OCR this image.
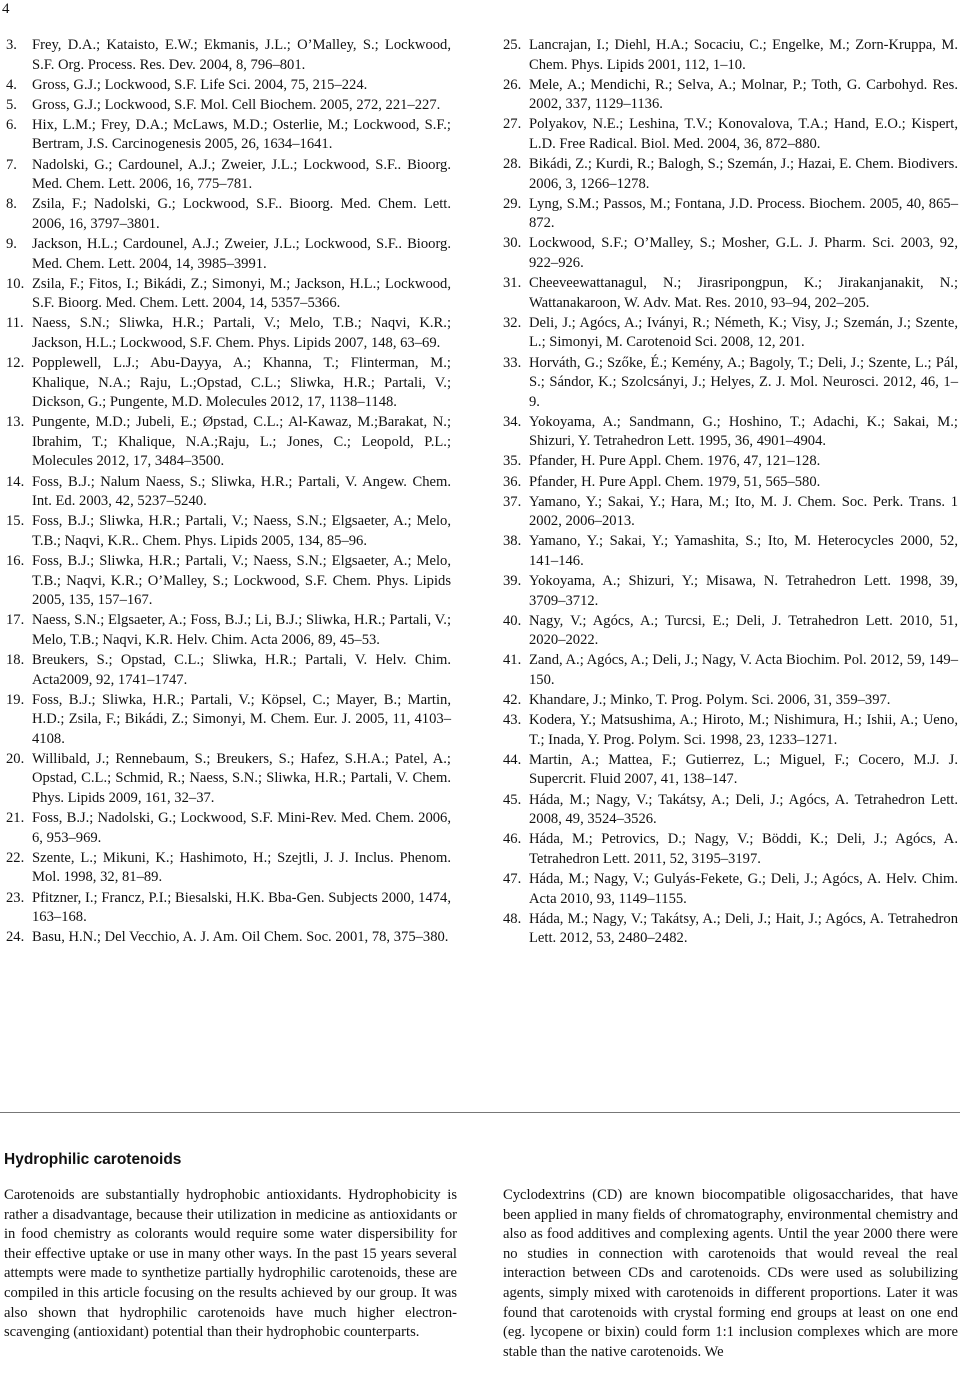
4
3.	Frey, D.A.; Kataisto, E.W.; Ekmanis, J.L.; O’Malley, S.; Lockwood, S.F. Org. Process. Res. Dev. 2004, 8, 796–801.
4.	Gross, G.J.; Lockwood, S.F. Life Sci. 2004, 75, 215–224.
5.	Gross, G.J.; Lockwood, S.F. Mol. Cell Biochem. 2005, 272, 221–227.
6.	Hix, L.M.; Frey, D.A.; McLaws, M.D.; Osterlie, M.; Lockwood, S.F.; Bertram, J.S. Carcinogenesis 2005, 26, 1634–1641.
7.	Nadolski, G.; Cardounel, A.J.; Zweier, J.L.; Lockwood, S.F.. Bioorg. Med. Chem. Lett. 2006, 16, 775–781.
8.	Zsila, F.; Nadolski, G.; Lockwood, S.F.. Bioorg. Med. Chem. Lett. 2006, 16, 3797–3801.
9.	Jackson, H.L.; Cardounel, A.J.; Zweier, J.L.; Lockwood, S.F.. Bioorg. Med. Chem. Lett. 2004, 14, 3985–3991.
10. Zsila, F.; Fitos, I.; Bikádi, Z.; Simonyi, M.; Jackson, H.L.; Lockwood, S.F. Bioorg. Med. Chem. Lett. 2004, 14, 5357–5366.
11. Naess, S.N.; Sliwka, H.R.; Partali, V.; Melo, T.B.; Naqvi, K.R.; Jackson, H.L.; Lockwood, S.F. Chem. Phys. Lipids 2007, 148, 63–69.
12. Popplewell, L.J.; Abu-Dayya, A.; Khanna, T.; Flinterman, M.; Khalique, N.A.; Raju, L.;Opstad, C.L.; Sliwka, H.R.; Partali, V.; Dickson, G.; Pungente, M.D. Molecules 2012, 17, 1138–1148.
13. Pungente, M.D.; Jubeli, E.; Øpstad, C.L.; Al-Kawaz, M.;Barakat, N.; Ibrahim, T.; Khalique, N.A.;Raju, L.; Jones, C.; Leopold, P.L.; Molecules 2012, 17, 3484–3500.
14. Foss, B.J.; Nalum Naess, S.; Sliwka, H.R.; Partali, V. Angew. Chem. Int. Ed. 2003, 42, 5237–5240.
15. Foss, B.J.; Sliwka, H.R.; Partali, V.; Naess, S.N.; Elgsaeter, A.; Melo, T.B.; Naqvi, K.R.. Chem. Phys. Lipids 2005, 134, 85–96.
16. Foss, B.J.; Sliwka, H.R.; Partali, V.; Naess, S.N.; Elgsaeter, A.; Melo, T.B.; Naqvi, K.R.; O’Malley, S.; Lockwood, S.F. Chem. Phys. Lipids 2005, 135, 157–167.
17. Naess, S.N.; Elgsaeter, A.; Foss, B.J.; Li, B.J.; Sliwka, H.R.; Partali, V.; Melo, T.B.; Naqvi, K.R. Helv. Chim. Acta 2006, 89, 45–53.
18. Breukers, S.; Opstad, C.L.; Sliwka, H.R.; Partali, V. Helv. Chim. Acta2009, 92, 1741–1747.
19. Foss, B.J.; Sliwka, H.R.; Partali, V.; Köpsel, C.; Mayer, B.; Martin, H.D.; Zsila, F.; Bikádi, Z.; Simonyi, M. Chem. Eur. J. 2005, 11, 4103–4108.
20. Willibald, J.; Rennebaum, S.; Breukers, S.; Hafez, S.H.A.; Patel, A.; Opstad, C.L.; Schmid, R.; Naess, S.N.; Sliwka, H.R.; Partali, V. Chem. Phys. Lipids 2009, 161, 32–37.
21. Foss, B.J.; Nadolski, G.; Lockwood, S.F. Mini-Rev. Med. Chem. 2006, 6, 953–969.
22. Szente, L.; Mikuni, K.; Hashimoto, H.; Szejtli, J. J. Inclus. Phenom. Mol. 1998, 32, 81–89.
23. Pfitzner, I.; Francz, P.I.; Biesalski, H.K. Bba-Gen. Subjects 2000, 1474, 163–168.
24. Basu, H.N.; Del Vecchio, A. J. Am. Oil Chem. Soc. 2001, 78, 375–380.
25. Lancrajan, I.; Diehl, H.A.; Socaciu, C.; Engelke, M.; Zorn-Kruppa, M. Chem. Phys. Lipids 2001, 112, 1–10.
26. Mele, A.; Mendichi, R.; Selva, A.; Molnar, P.; Toth, G. Carbohyd. Res. 2002, 337, 1129–1136.
27. Polyakov, N.E.; Leshina, T.V.; Konovalova, T.A.; Hand, E.O.; Kispert, L.D. Free Radical. Biol. Med. 2004, 36, 872–880.
28. Bikádi, Z.; Kurdi, R.; Balogh, S.; Szemán, J.; Hazai, E. Chem. Biodivers. 2006, 3, 1266–1278.
29. Lyng, S.M.; Passos, M.; Fontana, J.D. Process. Biochem. 2005, 40, 865–872.
30. Lockwood, S.F.; O’Malley, S.; Mosher, G.L. J. Pharm. Sci. 2003, 92, 922–926.
31. Cheeveewattanagul, N.; Jirasripongpun, K.; Jirakanjanakit, N.; Wattanakaroon, W. Adv. Mat. Res. 2010, 93–94, 202–205.
32. Deli, J.; Agócs, A.; Iványi, R.; Németh, K.; Visy, J.; Szemán, J.; Szente, L.; Simonyi, M. Carotenoid Sci. 2008, 12, 201.
33. Horváth, G.; Szőke, É.; Kemény, A.; Bagoly, T.; Deli, J.; Szente, L.; Pál, S.; Sándor, K.; Szolcsányi, J.; Helyes, Z. J. Mol. Neurosci. 2012, 46, 1–9.
34. Yokoyama, A.; Sandmann, G.; Hoshino, T.; Adachi, K.; Sakai, M.; Shizuri, Y. Tetrahedron Lett. 1995, 36, 4901–4904.
35. Pfander, H. Pure Appl. Chem. 1976, 47, 121–128.
36. Pfander, H. Pure Appl. Chem. 1979, 51, 565–580.
37. Yamano, Y.; Sakai, Y.; Hara, M.; Ito, M. J. Chem. Soc. Perk. Trans. 1 2002, 2006–2013.
38. Yamano, Y.; Sakai, Y.; Yamashita, S.; Ito, M. Heterocycles 2000, 52, 141–146.
39. Yokoyama, A.; Shizuri, Y.; Misawa, N. Tetrahedron Lett. 1998, 39, 3709–3712.
40. Nagy, V.; Agócs, A.; Turcsi, E.; Deli, J. Tetrahedron Lett. 2010, 51, 2020–2022.
41. Zand, A.; Agócs, A.; Deli, J.; Nagy, V. Acta Biochim. Pol. 2012, 59, 149–150.
42. Khandare, J.; Minko, T. Prog. Polym. Sci. 2006, 31, 359–397.
43. Kodera, Y.; Matsushima, A.; Hiroto, M.; Nishimura, H.; Ishii, A.; Ueno, T.; Inada, Y. Prog. Polym. Sci. 1998, 23, 1233–1271.
44. Martin, A.; Mattea, F.; Gutierrez, L.; Miguel, F.; Cocero, M.J. J. Supercrit. Fluid 2007, 41, 138–147.
45. Háda, M.; Nagy, V.; Takátsy, A.; Deli, J.; Agócs, A. Tetrahedron Lett. 2008, 49, 3524–3526.
46. Háda, M.; Petrovics, D.; Nagy, V.; Böddi, K.; Deli, J.; Agócs, A. Tetrahedron Lett. 2011, 52, 3195–3197.
47. Háda, M.; Nagy, V.; Gulyás-Fekete, G.; Deli, J.; Agócs, A. Helv. Chim. Acta 2010, 93, 1149–1155.
48. Háda, M.; Nagy, V.; Takátsy, A.; Deli, J.; Hait, J.; Agócs, A. Tetrahedron Lett. 2012, 53, 2480–2482.
Hydrophilic carotenoids
Carotenoids are substantially hydrophobic antioxidants. Hydrophobicity is rather a disadvantage, because their utilization in medicine as antioxidants or in food chemistry as colorants would require some water dispersibility for their effective uptake or use in many other ways. In the past 15 years several attempts were made to synthetize partially hydrophilic carotenoids, these are compiled in this article focusing on the results achieved by our group. It was also shown that hydrophilic carotenoids have much higher electron-scavenging (antioxidant) potential than their hydrophobic counterparts.
Cyclodextrins (CD) are known biocompatible oligosaccharides, that have been applied in many fields of chromatography, environmental chemistry and also as food additives and complexing agents. Until the year 2000 there were no studies in connection with carotenoids that would reveal the real interaction between CDs and carotenoids. CDs were used as solubilizing agents, simply mixed with carotenoids in different proportions. Later it was found that carotenoids with crystal forming end groups at least on one end (eg. lycopene or bixin) could form 1:1 inclusion complexes which are more stable than the native carotenoids. We
